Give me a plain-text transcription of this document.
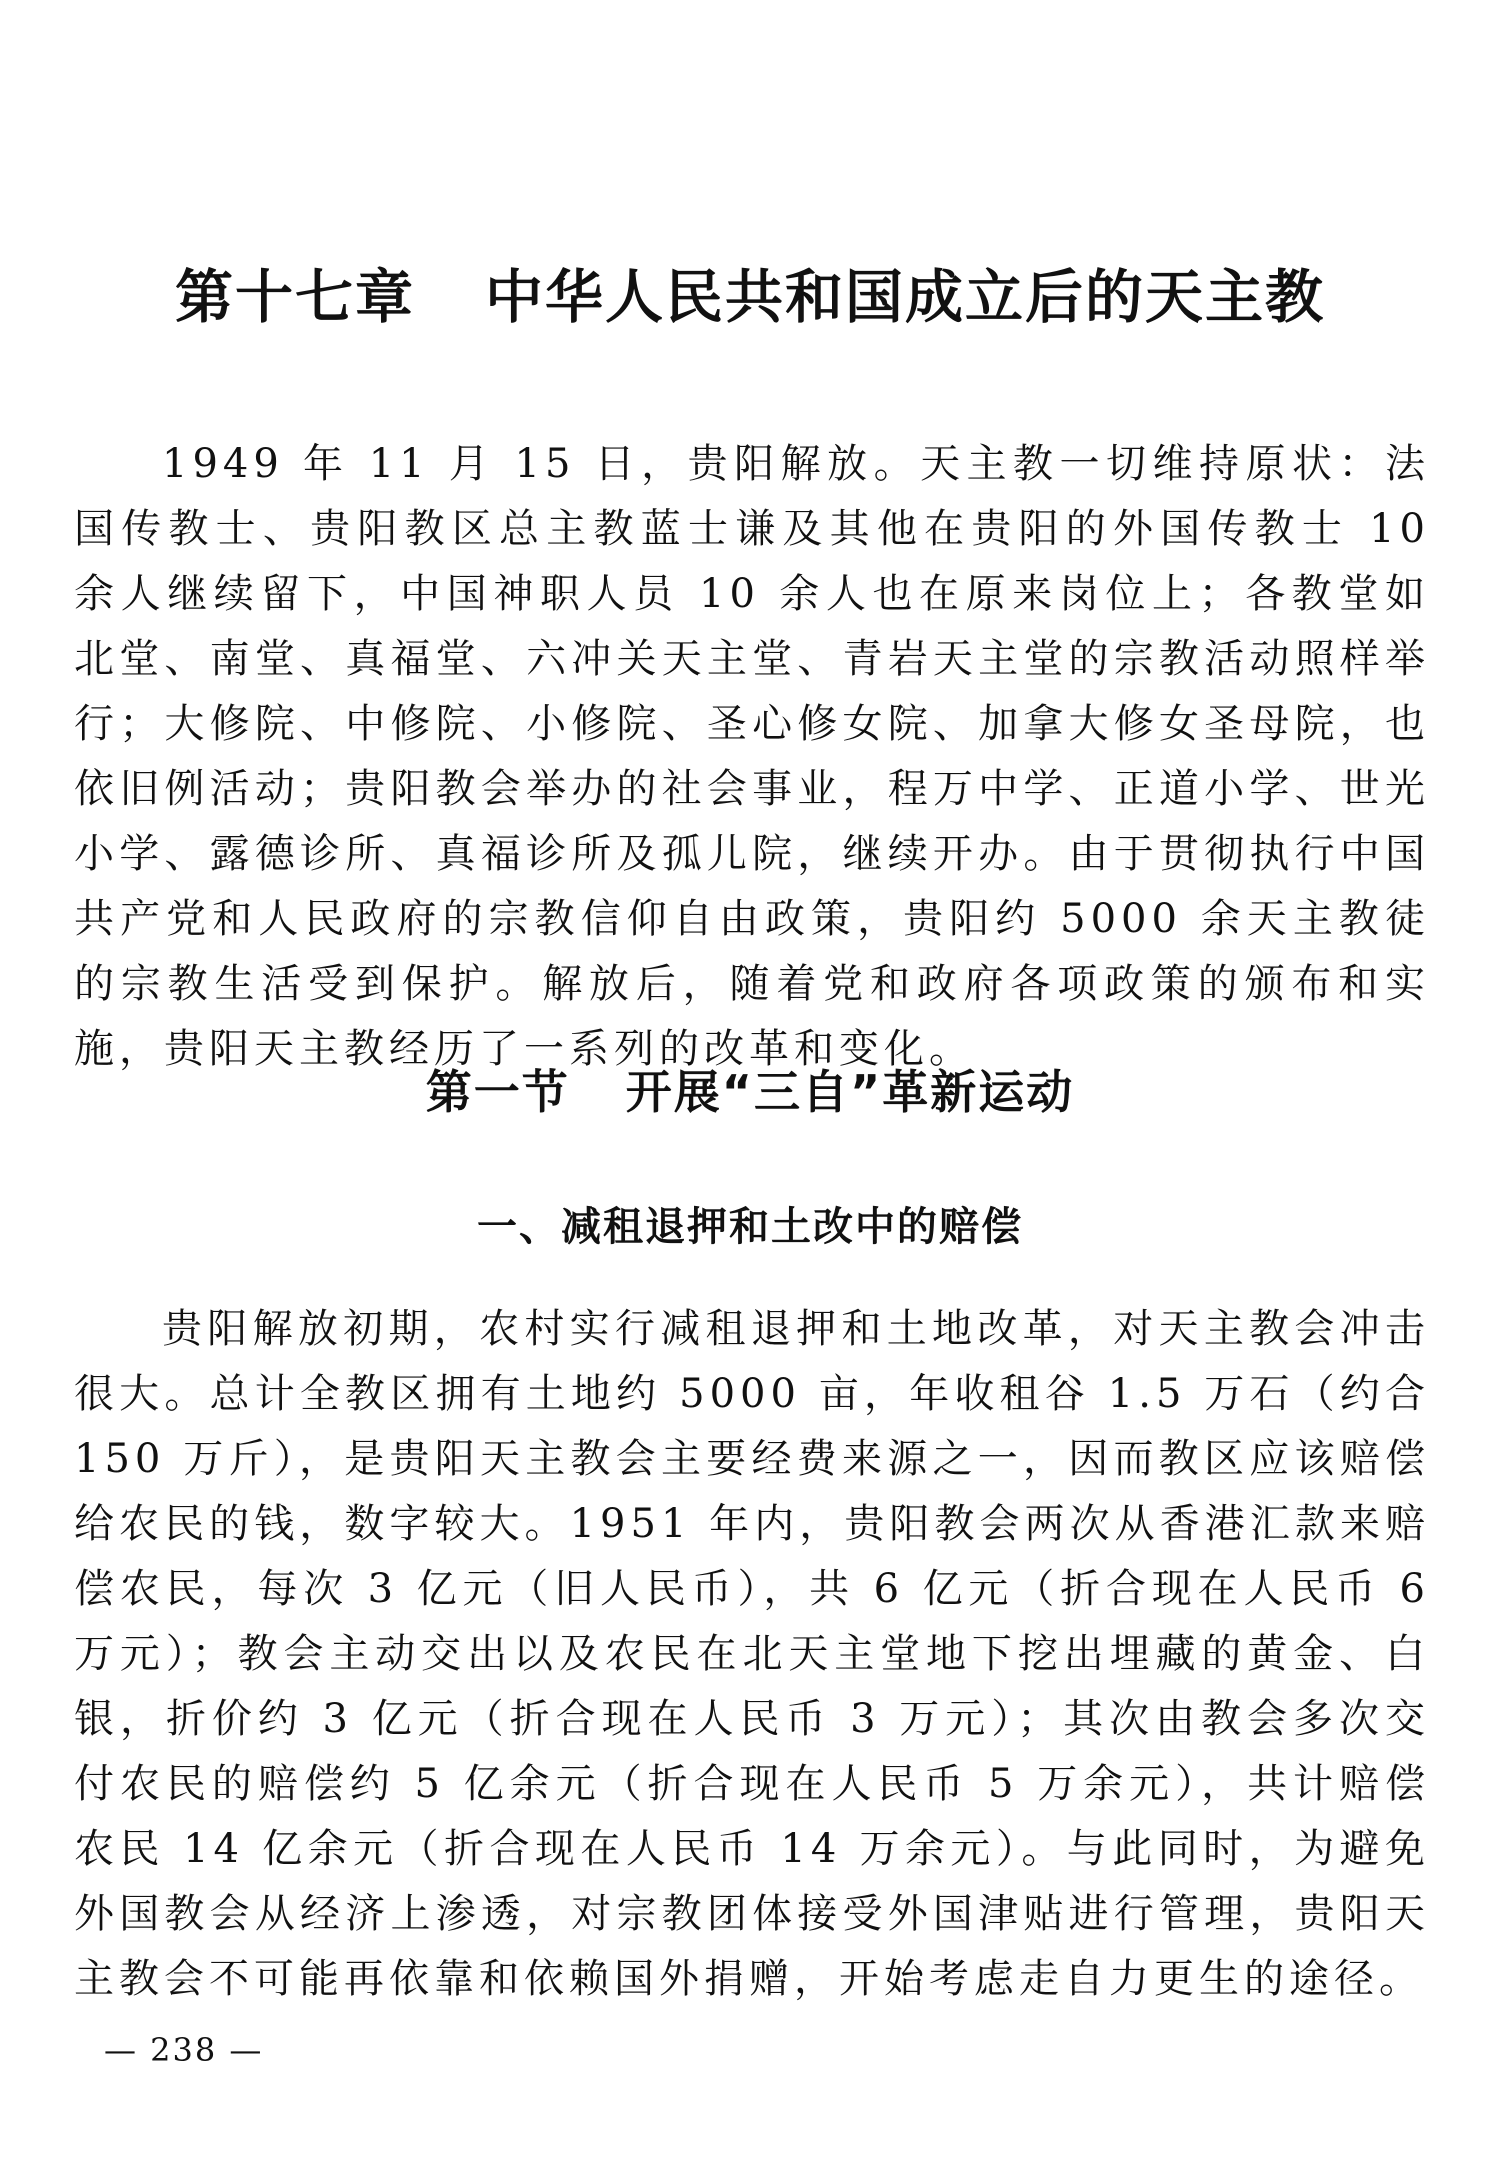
第十七章 中华人民共和国成立后的天主教

1949 年 11 月 15 日，贵阳解放。天主教一切维持原状：法国传教士、贵阳教区总主教蓝士谦及其他在贵阳的外国传教士 10 余人继续留下，中国神职人员 10 余人也在原来岗位上；各教堂如北堂、南堂、真福堂、六冲关天主堂、青岩天主堂的宗教活动照样举行；大修院、中修院、小修院、圣心修女院、加拿大修女圣母院，也依旧例活动；贵阳教会举办的社会事业，程万中学、正道小学、世光小学、露德诊所、真福诊所及孤儿院，继续开办。由于贯彻执行中国共产党和人民政府的宗教信仰自由政策，贵阳约 5000 余天主教徒的宗教生活受到保护。解放后，随着党和政府各项政策的颁布和实施，贵阳天主教经历了一系列的改革和变化。

第一节 开展“三自”革新运动
一、减租退押和土改中的赔偿

贵阳解放初期，农村实行减租退押和土地改革，对天主教会冲击很大。总计全教区拥有土地约 5000 亩，年收租谷 1.5 万石（约合 150 万斤），是贵阳天主教会主要经费来源之一，因而教区应该赔偿给农民的钱，数字较大。1951 年内，贵阳教会两次从香港汇款来赔偿农民，每次 3 亿元（旧人民币），共 6 亿元（折合现在人民币 6 万元）；教会主动交出以及农民在北天主堂地下挖出埋藏的黄金、白银，折价约 3 亿元（折合现在人民币 3 万元）；其次由教会多次交付农民的赔偿约 5 亿余元（折合现在人民币 5 万余元），共计赔偿农民 14 亿余元（折合现在人民币 14 万余元）。与此同时，为避免外国教会从经济上渗透，对宗教团体接受外国津贴进行管理，贵阳天主教会不可能再依靠和依赖国外捐赠，开始考虑走自力更生的途径。

— 238 —
